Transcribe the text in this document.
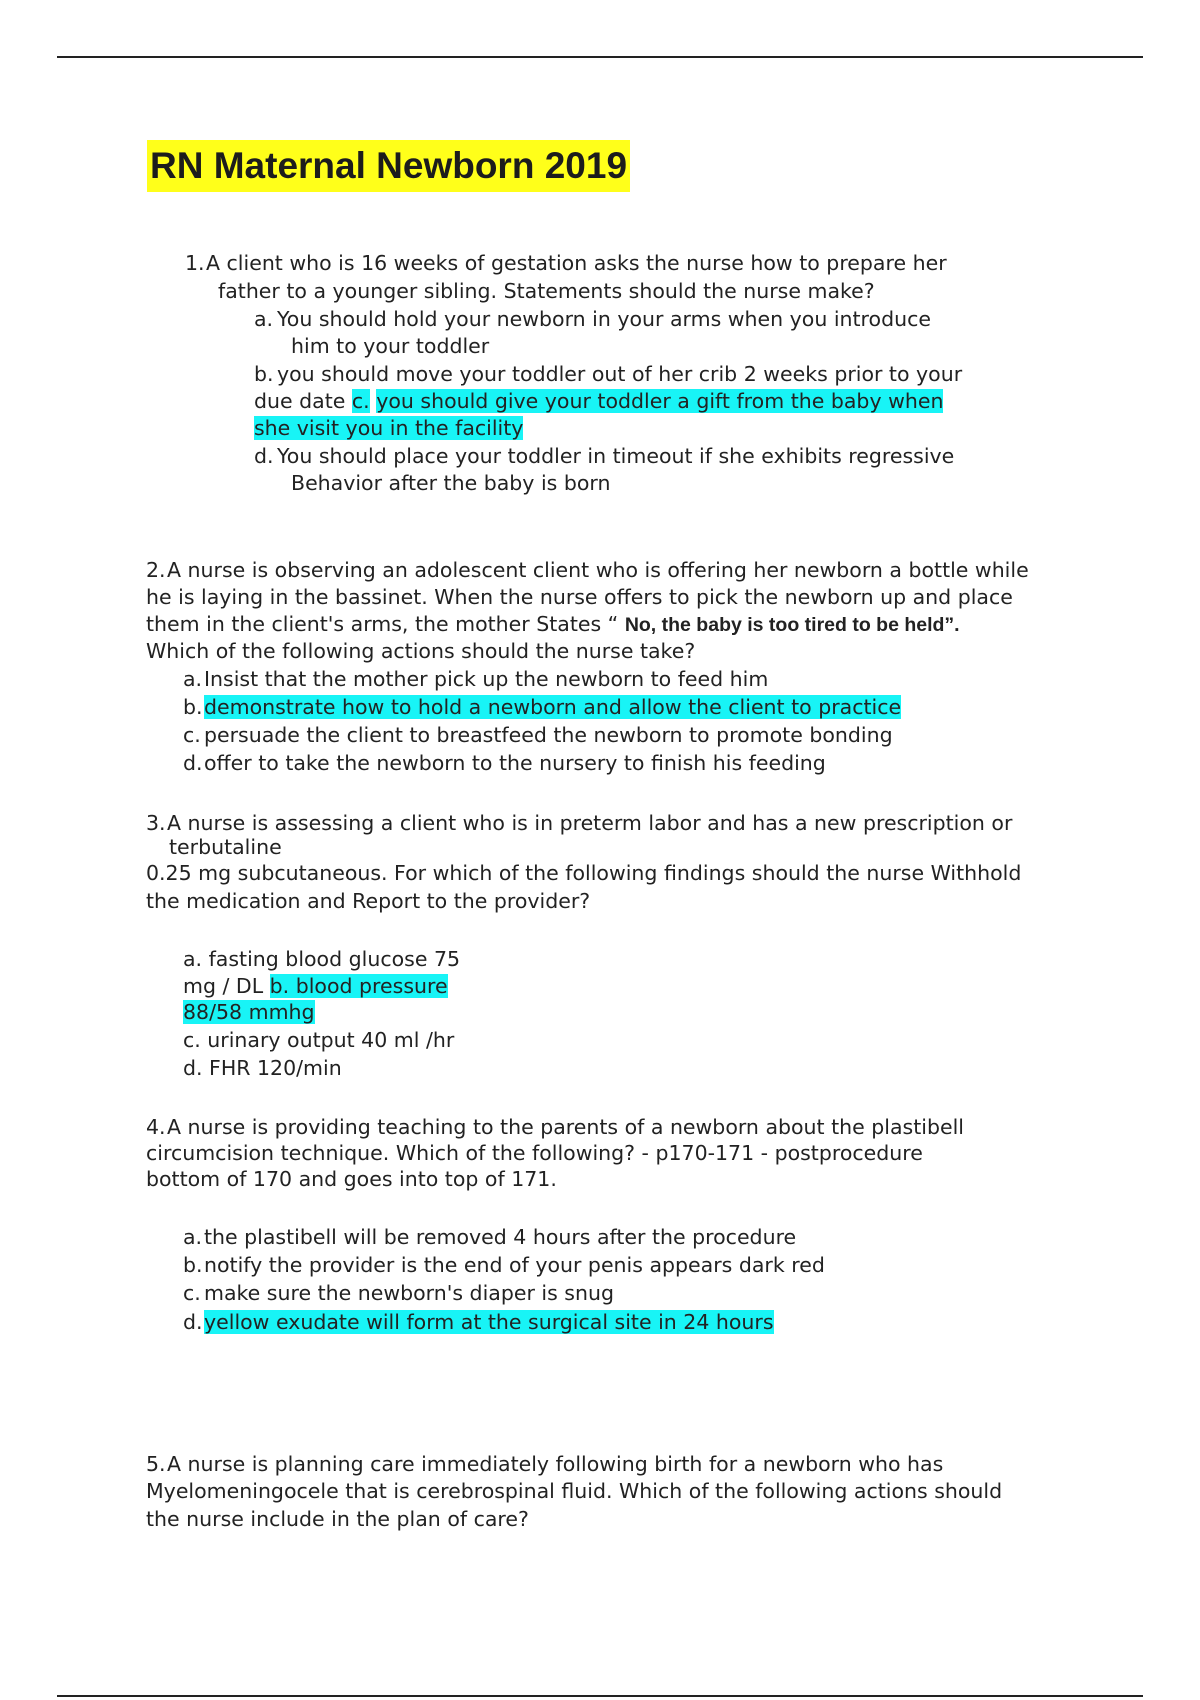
RN Maternal Newborn 2019

1.A client who is 16 weeks of gestation asks the nurse how to prepare her

father to a younger sibling. Statements should the nurse make?

a. You should hold your newborn in your arms when you introduce

him to your toddler

b. you should move your toddler out of her crib 2 weeks prior to your

due date c. you should give your toddler a gift from the baby when

she visit you in the facility

d. You should place your toddler in timeout if she exhibits regressive

Behavior after the baby is born

2.A nurse is observing an adolescent client who is offering her newborn a bottle while

he is laying in the bassinet. When the nurse offers to pick the newborn up and place

them in the client's arms, the mother States “ No, the baby is too tired to be held”.

Which of the following actions should the nurse take?

a.Insist that the mother pick up the newborn to feed him

b.demonstrate how to hold a newborn and allow the client to practice

c. persuade the client to breastfeed the newborn to promote bonding

d.offer to take the newborn to the nursery to finish his feeding

3.A nurse is assessing a client who is in preterm labor and has a new prescription or

terbutaline

0.25 mg subcutaneous. For which of the following findings should the nurse Withhold

the medication and Report to the provider?

a. fasting blood glucose 75

mg / DL b. blood pressure

88/58 mmhg

c. urinary output 40 ml /hr

d. FHR 120/min

4.A nurse is providing teaching to the parents of a newborn about the plastibell

circumcision technique. Which of the following? - p170-171 - postprocedure

bottom of 170 and goes into top of 171.

a.the plastibell will be removed 4 hours after the procedure

b.notify the provider is the end of your penis appears dark red

c. make sure the newborn's diaper is snug

d.yellow exudate will form at the surgical site in 24 hours

5.A nurse is planning care immediately following birth for a newborn who has

Myelomeningocele that is cerebrospinal fluid. Which of the following actions should

the nurse include in the plan of care?
